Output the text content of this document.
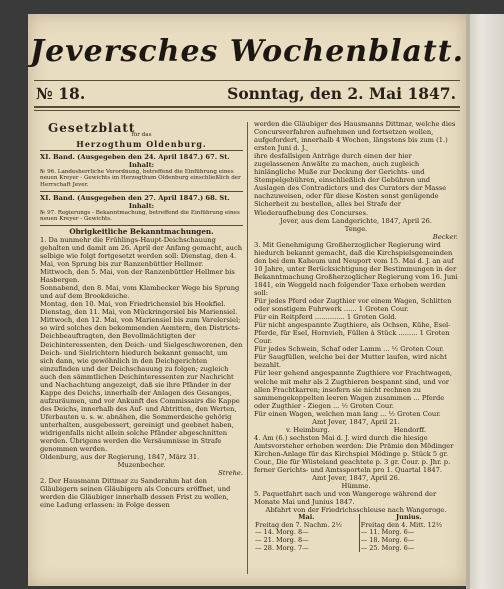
Jeversches Wochenblatt.
№ 18.	Sonntag, den 2. Mai 1847.
Gesetzblatt
für das
Herzogthum Oldenburg.

XI. Band. (Ausgegeben den 24. April 1847.) 67. St.

Inhalt:

№ 96. Landesherrliche Verordnung, betreffend die Einführung eines neuen Kreyer - Gewichts im Herzogthum Oldenburg einschließlich der Herrschaft Jever.

XI. Band. (Ausgegeben den 27. April 1847.) 68. St.

Inhalt:

№ 97. Regierungs - Bekanntmachung, betreffend die Einführung eines neuen Kreyer - Gewichts.

Obrigkeitliche Bekanntmachungen.

1. Da nunmehr die Frühlings-Haupt-Deichschauung gehalten und damit am 26. April der Anfang gemacht, auch selbige wie folgt fortgesetzt werden soll: Dienstag, den 4. Mai, von Sprung bis zur Ranzenbüttler Hellmer.

Mittwoch, den 5. Mai, von der Ranzenbüttler Hellmer bis Hasbergen.

Sonnabend, den 8. Mai, vom Klambecker Wege bis Sprung und auf dem Brookdeiche.

Montag, den 10. Mai, von Friedrichensiel bis Hookfiel.

Dienstag, den 11. Mai, von Mückringersiel bis Mariensiel.

Mittwoch, den 12. Mai, von Mariensiel bis zum Varelersiel;

so wird solches den bekommenden Aemtern, den Districts-Deichbeauftragten, den Bevollmächtigten der Deichinteressenten, den Deich- und Sielgeschworenen, den Deich- und Sielrichtern hiedurch bekannt gemacht, um sich dann, wie gewöhnlich in den Deichgerichten einzufinden und der Deichschauung zu folgen; zugleich auch den sämmtlichen Deichinteressenten zur Nachricht und Nachachtung angezeigt, daß sie ihre Pfänder in der Kappe des Deichs, innerhalb der Anlagen des Gesanges, aufzuräumen, und vor Ankunft des Commissairs die Kappe des Deichs, innerhalb des Auf- und Abtritten, den Werten, Uferbauten u. s. w. abnähen, die Sommerdeiche gehörig unterhalten, ausgebessert, gereinigt und geebnet haben, widrigenfalls nicht allein solche Pfänder abgeschnitten werden. Übrigens werden die Versäumnisse in Strafe genommen werden.

Oldenburg, aus der Regierung, 1847, März 31.

Muzenbecher.

Strehe.

2. Der Hausmann Dittmar zu Sanderahm hat den Gläubigern seinen Gläubigern als Concurs eröffnet, und werden die Gläubiger innerhalb dessen Frist zu wollen, eine Ladung erlassen: in Folge dessen

werden die Gläubiger des Hausmanns Dittmar, welche dies Concursverfahren aufnehmen und fortsetzen wollen, aufgefordert, innerhalb 4 Wochen, längstens bis zum (1.) ersten Juni d. J.,

ihre desfallsigen Anträge durch einen der hier zugelassenen Anwälte zu machen, auch zugleich hinlängliche Muße zur Deckung der Gerichts- und Stempelgebühren, einschließlich der Gebühren und Auslagen des Contradictors und des Curators der Masse nachzuweisen, oder für diese Kosten sonst genügende Sicherheit zu bestellen, alles bei Strafe der Wiederaufhebung des Concurses.

Jever, aus dem Landgerichte, 1847, April 26.

Tenge.

Becker.

3. Mit Genehmigung Großherzoglicher Regierung wird hiedurch bekannt gemacht, daß die Kirchspielsgemeinden den bei dem Kaheum und Neuport vom 15. Mai d. J. an auf 10 Jahre, unter Berücksichtigung der Bestimmungen in der Bekanntmachung Großherzoglicher Regierung vom 16. Juni 1841, ein Weggeld nach folgender Taxe erhoben werden soll:

Für jedes Pferd oder Zugthier vor einem Wagen, Schlitten oder sonstigem Fuhrwerk ...... 1 Groten Cour.

Für ein Reitpferd .............. 1 Groten Gold.

Für nicht angespannte Zugthiere, als Ochsen, Kühe, Esel-Pferde, für Esel, Hornvieh, Füllen à Stück ......... 1 Groten Cour.

Für jedes Schwein, Schaf oder Lamm ... ½ Groten Cour.

Für Saugfüllen, welche bei der Mutter laufen, wird nicht bezahlt.

Für leer gehend angespannte Zugthiere vor Frachtwagen, welche mit mehr als 2 Zugthieren bespannt sind, und vor allen Frachtkarren; insofern sie nicht rechnen zu sammengekoppelten leeren Wagen zusammen ... Pferde oder Zugthier - Ziegen ... ½ Groten Cour.

Für einen Wagen, welchen man lang ... ½ Groten Cour.

Amt Jever, 1847, April 21.

v. Heimburg.	Hendorff.

4. Am (6.) sechsten Mai d. J. wird durch die hiesige Amtsvorsteher erhoben werden: Die Prämie den Mödinger Kirchen-Anlage für das Kirchspiel Mödinge p. Stück 5 gr. Cour., Die für Wüsteland geachtete p. 3 gr. Cour. p. Jhr. p. ferner Gerichts- und Amtssporteln pro 1. Quartal 1847.

Amt Jever, 1847, April 26.

Hümme.

5. Paquetfahrt nach und von Wangeroge während der Monate Mai und Junius 1847.

Abfahrt von der Friedrichsschleuse nach Wangeroge.

Mai.	Junius.
Freitag den 7. Nachm. 2½	Freitag den 4. Mitt. 12½
— 14. Morg. 8—	— 11. Morg. 6—
— 21. Morg. 8—	— 18. Morg. 6—
— 28. Morg. 7—	— 25. Morg. 6—
